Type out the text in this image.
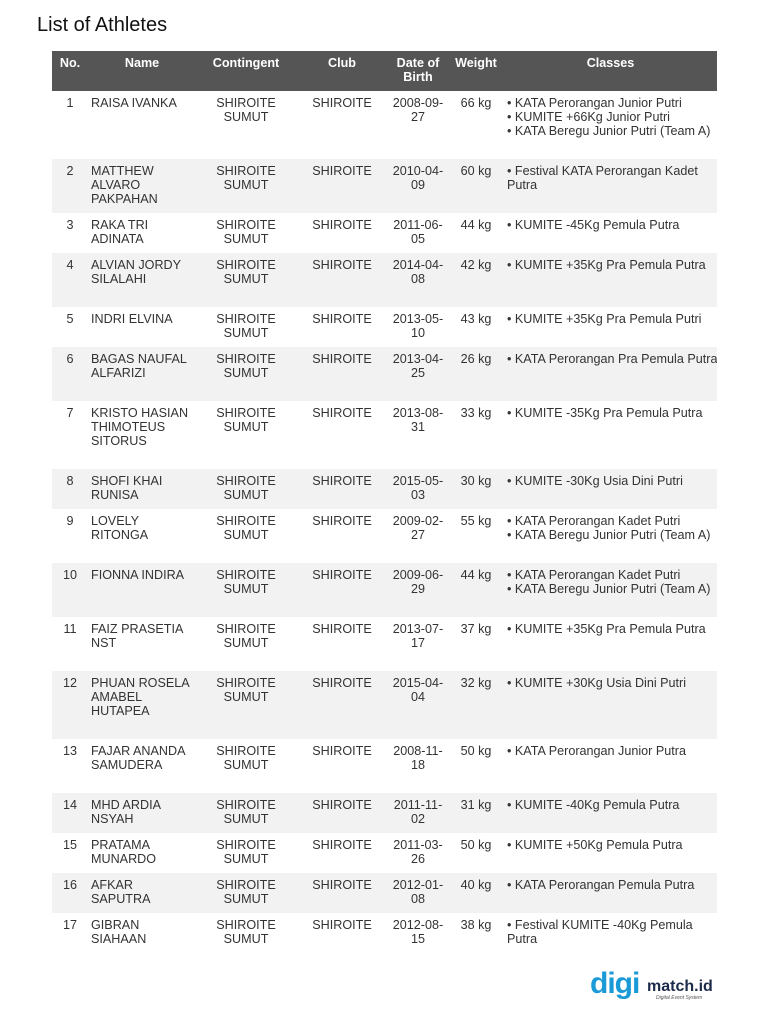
List of Athletes
No.	Name	Contingent	Club	Date of Birth	Weight	Classes
1	RAISA IVANKA	SHIROITE SUMUT	SHIROITE	2008-09-27	66 kg	• KATA Perorangan Junior Putri
• KUMITE +66Kg Junior Putri
• KATA Beregu Junior Putri (Team A)

2	MATTHEW ALVARO PAKPAHAN	SHIROITE SUMUT	SHIROITE	2010-04-09	60 kg	• Festival KATA Perorangan Kadet Putra

3	RAKA TRI ADINATA	SHIROITE SUMUT	SHIROITE	2011-06-05	44 kg	• KUMITE -45Kg Pemula Putra

4	ALVIAN JORDY SILALAHI	SHIROITE SUMUT	SHIROITE	2014-04-08	42 kg	• KUMITE +35Kg Pra Pemula Putra

5	INDRI ELVINA	SHIROITE SUMUT	SHIROITE	2013-05-10	43 kg	• KUMITE +35Kg Pra Pemula Putri

6	BAGAS NAUFAL ALFARIZI	SHIROITE SUMUT	SHIROITE	2013-04-25	26 kg	• KATA Perorangan Pra Pemula Putra

7	KRISTO HASIAN THIMOTEUS SITORUS	SHIROITE SUMUT	SHIROITE	2013-08-31	33 kg	• KUMITE -35Kg Pra Pemula Putra

8	SHOFI KHAI RUNISA	SHIROITE SUMUT	SHIROITE	2015-05-03	30 kg	• KUMITE -30Kg Usia Dini Putri

9	LOVELY RITONGA	SHIROITE SUMUT	SHIROITE	2009-02-27	55 kg	• KATA Perorangan Kadet Putri
• KATA Beregu Junior Putri (Team A)

10	FIONNA INDIRA	SHIROITE SUMUT	SHIROITE	2009-06-29	44 kg	• KATA Perorangan Kadet Putri
• KATA Beregu Junior Putri (Team A)

11	FAIZ PRASETIA NST	SHIROITE SUMUT	SHIROITE	2013-07-17	37 kg	• KUMITE +35Kg Pra Pemula Putra

12	PHUAN ROSELA AMABEL HUTAPEA	SHIROITE SUMUT	SHIROITE	2015-04-04	32 kg	• KUMITE +30Kg Usia Dini Putri

13	FAJAR ANANDA SAMUDERA	SHIROITE SUMUT	SHIROITE	2008-11-18	50 kg	• KATA Perorangan Junior Putra

14	MHD ARDIA NSYAH	SHIROITE SUMUT	SHIROITE	2011-11-02	31 kg	• KUMITE -40Kg Pemula Putra

15	PRATAMA MUNARDO	SHIROITE SUMUT	SHIROITE	2011-03-26	50 kg	• KUMITE +50Kg Pemula Putra

16	AFKAR SAPUTRA	SHIROITE SUMUT	SHIROITE	2012-01-08	40 kg	• KATA Perorangan Pemula Putra

17	GIBRAN SIAHAAN	SHIROITE SUMUT	SHIROITE	2012-08-15	38 kg	• Festival KUMITE -40Kg Pemula Putra
digi match.id
Digital Event System
